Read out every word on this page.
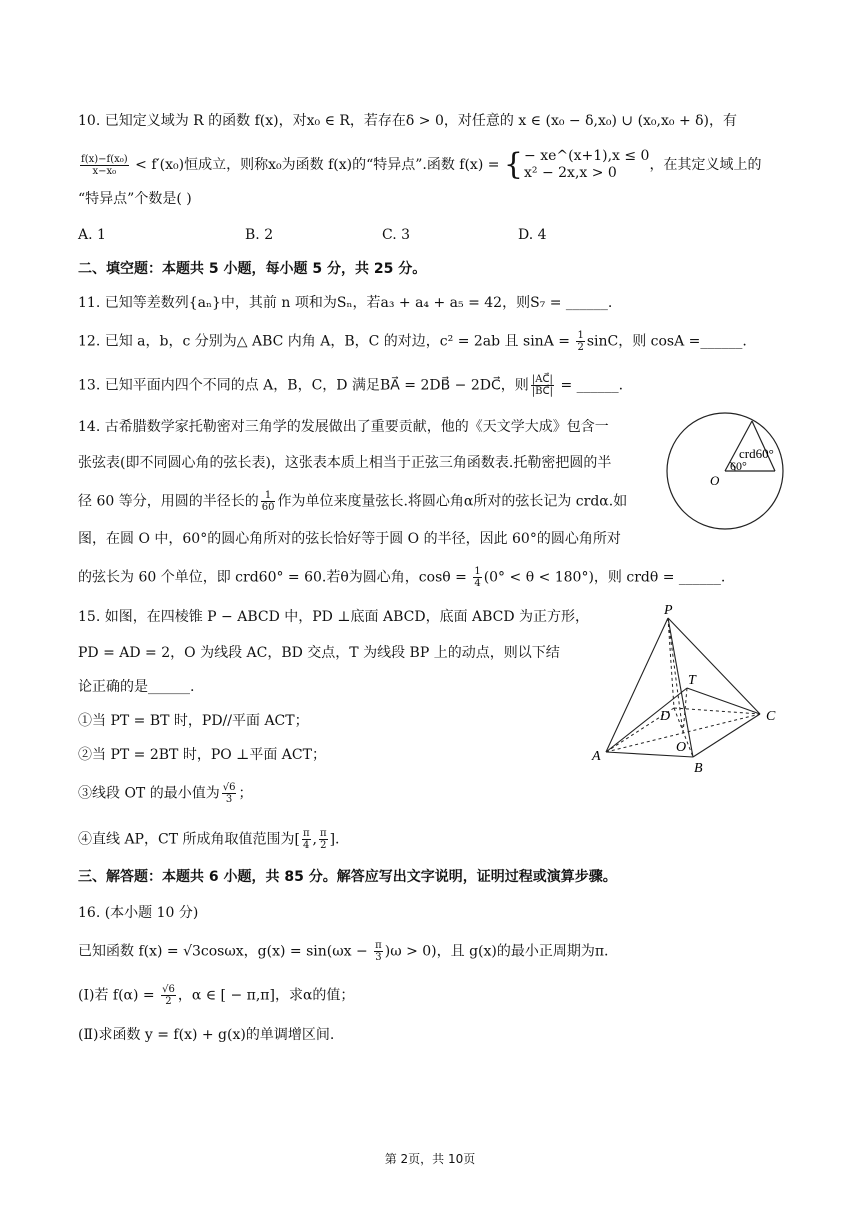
10. 已知定义域为 R 的函数 f(x)，对x₀ ∈ R，若存在δ > 0，对任意的 x ∈ (x₀ − δ,x₀) ∪ (x₀,x₀ + δ)，有
$\frac{\text{f(x)−f(x₀)}}{\text{x−x₀}} < f'(x_0)$恒成立，则称x₀为函数 f(x)的“特异点”.函数 f(x) = { − xe^(x+1),x ≤ 0
x² − 2x,x > 0	，在其定义域上的
“特异点”个数是( )
A. 1	B. 2	C. 3	D. 4
二、填空题：本题共 5 小题，每小题 5 分，共 25 分。
11. 已知等差数列{aₙ}中，其前 n 项和为Sₙ，若a₃ + a₄ + a₅ = 42，则S₇ = ______.
12. 已知 a，b，c 分别为△ ABC 内角 A，B，C 的对边，c² = 2ab 且 $\sin A = \frac{1}{2}$ sinC，则 cosA =______.
13. 已知平面内四个不同的点 A，B，C，D 满足BA⃗ = 2DB⃗ − 2DC⃗，则 $\frac{|AC⃗|}{|BC⃗|}$ = ______.
14. 古希腊数学家托勒密对三角学的发展做出了重要贡献，他的《天文学大成》包含一
张弦表(即不同圆心角的弦长表)，这张表本质上相当于正弦三角函数表.托勒密把圆的半
径 60 等分，用圆的半径长的 $\frac{1}{60}$ 作为单位来度量弦长.将圆心角α所对的弦长记为 crdα.如
图，在圆 O 中，60°的圆心角所对的弦长恰好等于圆 O 的半径，因此 60°的圆心角所对
的弦长为 60 个单位，即 crd60° = 60.若θ为圆心角，$\cos\theta = \frac{1}{4} (0^\circ < \theta < 180^\circ)$，则 crdθ = ______.
crd60°
60°
O
15. 如图，在四棱锥 P − ABCD 中，PD ⊥底面 ABCD，底面 ABCD 为正方形，
PD = AD = 2，O 为线段 AC，BD 交点，T 为线段 BP 上的动点，则以下结
论正确的是______.
①当 PT = BT 时，PD//平面 ACT；
②当 PT = 2BT 时，PO ⊥平面 ACT；
③线段 OT 的最小值为 $\frac{√6}{3}$ ；
④直线 AP，CT 所成角取值范围为[ $\frac{\pi}{4}$ , $\frac{\pi}{2}$ ].
P
T
D	C
A
O
B
三、解答题：本题共 6 小题，共 85 分。解答应写出文字说明，证明过程或演算步骤。
16. (本小题 10 分)
已知函数 f(x) = √3cosωx，$g(x) = \sin(\omega x - \frac{\pi}{3} )\omega > 0$)，且 g(x)的最小正周期为π.
(Ⅰ)若 $f(\alpha) = \frac{√6}{2}$ ，α ∈ [ − π,π]，求α的值；
(Ⅱ)求函数 y = f(x) + g(x)的单调增区间.
第 2页，共 10页
